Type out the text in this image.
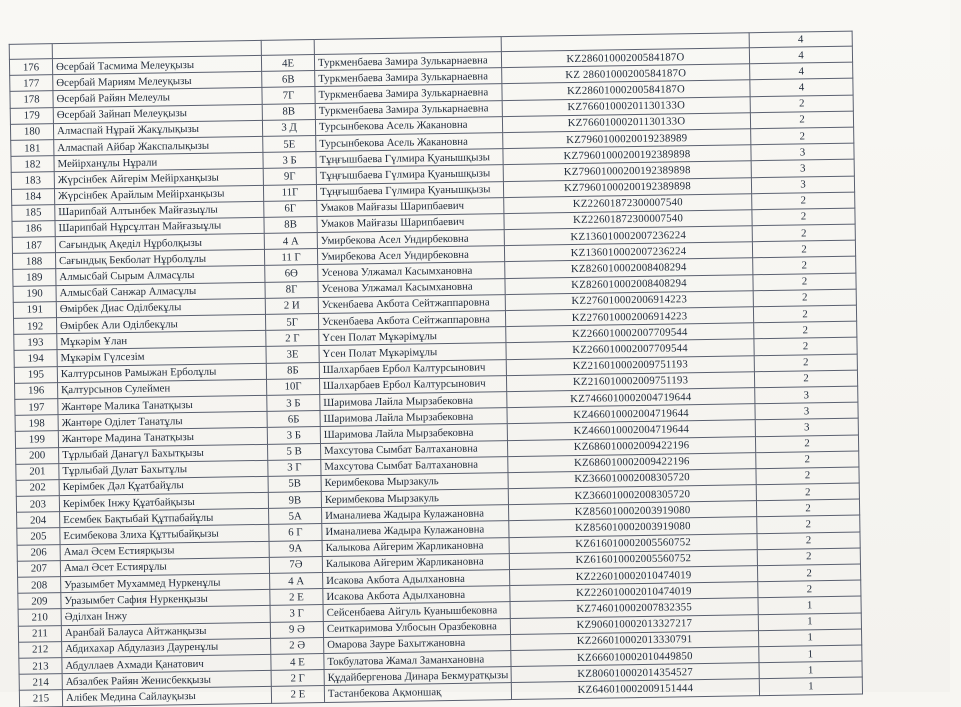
					4
176	Өсербай Тасмима Мелеуқызы	4Е	Туркменбаева Замира Зулькарнаевна	KZ28601000200584187О	4
177	Өсербай Мариям Мелеуқызы	6В	Туркменбаева Замира Зулькарнаевна	KZ 28601000200584187О	4
178	Өсербай Райян Мелеулы	7Г	Туркменбаева Замира Зулькарнаевна	KZ28601000200584187О	4
179	Өсербай Зайнап Мелеуқызы	8В	Туркменбаева Замира Зулькарнаевна	KZ76601000201130133О	2
180	Алмаспай Нұрай Жакұлықызы	3 Д	Турсынбекова Асель Жакановна	KZ76601000201130133О	2
181	Алмаспай Айбар Жакспалықызы	5Е	Турсынбекова Асель Жакановна	KZ7960100020019238989	2
182	Мейірханұлы Нұрали	3 Б	Тұңғышбаева Гүлмира Қуанышқызы	KZ79601000200192389898	3
183	Жүрсінбек Айгерім Мейірханқызы	9Г	Тұңғышбаева Гүлмира Қуанышқызы	KZ79601000200192389898	3
184	Жүрсінбек Арайлым Мейірханқызы	11Г	Тұңғышбаева Гүлмира Қуанышқызы	KZ79601000200192389898	3
185	Шарипбай Алтынбек Майғазыұлы	6Г	Умаков Майғазы Шарипбаевич	KZ22601872300007540	2
186	Шарипбай Нұрсұлтан Майғазыұлы	8В	Умаков Майғазы Шарипбаевич	KZ22601872300007540	2
187	Сағындық Ақеділ Нұрболқызы	4 А	Умирбекова Асел Ундирбековна	KZ136010002007236224	2
188	Сағындық Бекболат Нұрболұлы	11 Г	Умирбекова Асел Ундирбековна	KZ136010002007236224	2
189	Алмысбай Сырым Алмасұлы	6Ө	Усенова Улжамал Касымхановна	KZ826010002008408294	2
190	Алмысбай Санжар Алмасұлы	8Г	Усенова Улжамал Касымхановна	KZ826010002008408294	2
191	Өмірбек Диас Оділбекұлы	2 И	Ускенбаева Акбота Сейтжаппаровна	KZ276010002006914223	2
192	Өмірбек Али Оділбекұлы	5Г	Ускенбаева Акбота Сейтжаппаровна	KZ276010002006914223	2
193	Мұкәрім Ұлан	2 Г	Үсен Полат Мұкәрімұлы	KZ266010002007709544	2
194	Мұкәрім Гүлсезім	3Е	Үсен Полат Мұкәрімұлы	KZ266010002007709544	2
195	Калтурсынов Рамыжан Ерболұлы	8Б	Шалхарбаев Ербол Калтурсынович	KZ216010002009751193	2
196	Қалтурсынов Сулеймен	10Г	Шалхарбаев Ербол Калтурсынович	KZ216010002009751193	2
197	Жантөре Малика Танатқызы	3 Б	Шаримова Лайла Мырзабековна	KZ7466010002004719644	3
198	Жантөре Оділет Танатұлы	6Б	Шаримова Лайла Мырзабековна	KZ466010002004719644	3
199	Жантөре Мадина Танатқызы	3 Б	Шаримова Лайла Мырзабековна	KZ466010002004719644	3
200	Тұрлыбай Данагүл Бахытқызы	5 В	Махсутова Сымбат Балтахановна	KZ686010002009422196	2
201	Тұрлыбай Дулат Бахытұлы	3 Г	Махсутова Сымбат Балтахановна	KZ686010002009422196	2
202	Керімбек Дәл Құатбайұлы	5В	Керимбекова Мырзакуль	KZ366010002008305720	2
203	Керімбек Інжу Құатбайқызы	9В	Керимбекова Мырзакуль	KZ366010002008305720	2
204	Есембек Бақтыбай Құтпабайұлы	5А	Иманалиева Жадыра Кулажановна	KZ856010002003919080	2
205	Есимбекова Злиха Құттыбайқызы	6 Г	Иманалиева Жадыра Кулажановна	KZ856010002003919080	2
206	Амал Әсем Естиярқызы	9А	Калыкова Айгерим Жарликановна	KZ616010002005560752	2
207	Амал Әсет Естиярұлы	7Ә	Калыкова Айгерим Жарликановна	KZ616010002005560752	2
208	Уразымбет Мухаммед Нуркенұлы	4 А	Исакова Акбота Адылхановна	KZ226010002010474019	2
209	Уразымбет Сафия Нуркенқызы	2 Е	Исакова Акбота Адылхановна	KZ226010002010474019	2
210	Әділхан Інжу	3 Г	Сейсенбаева Айгуль Куанышбековна	KZ746010002007832355	1
211	Аранбай Балауса Айтжанқызы	9 Ә	Сеиткаримова Улбосын Оразбековна	KZ906010002013327217	1
212	Абдихахар Абдулазиз Дауренұлы	2 Ә	Омарова Зауре Бахытжановна	KZ266010002013330791	1
213	Абдуллаев Ахмади Қанатович	4 Е	Токбулатова Жамал Заманхановна	KZ666010002010449850	1
214	Абзалбек Райян Женисбекқызы	2 Г	Құдайбергенова Динара Бекмуратқызы	KZ806010002014354527	1
215	Алібек Медина Сайлауқызы	2 Е	Тастанбекова Ақмоншақ	KZ646010002009151444	1
